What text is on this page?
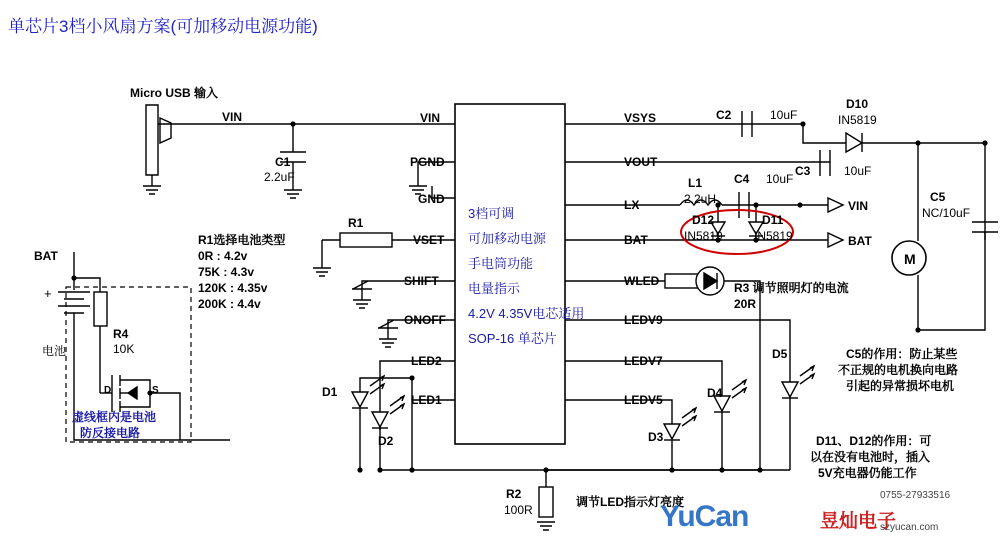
单芯片3档小风扇方案(可加移动电源功能)
+
Micro USB 输入
VIN
C1
2.2uF
VIN
PGND
GND
VSET
SHIFT
ONOFF
LED2
LED1
VSYS
VOUT
LX
BAT
WLED
LEDV9
LEDV7
LEDV5
3档可调
可加移动电源
手电筒功能
电量指示
4.2V 4.35V电芯适用
SOP-16 单芯片
R1选择电池类型
0R : 4.2v
75K : 4.3v
120K : 4.35v
200K : 4.4v
R1
BAT
电池
R4
10K
D	S
虚线框内是电池
防反接电路
D1
D2	D3
D4
D5
R2
100R
调节LED指示灯亮度
R3 调节照明灯的电流
20R
C2	10uF
C3	10uF
C4 10uF
C5
NC/10uF
L1
2.2uH
D10
IN5819
D11
IN5819
D12
IN5819
VIN
BAT
M
C5的作用：防止某些
不正规的电机换向电路
引起的异常损坏电机
D11、D12的作用：可
以在没有电池时，插入
5V充电器仍能工作
YuCan	昱灿电子
0755-27933516
szyucan.com
